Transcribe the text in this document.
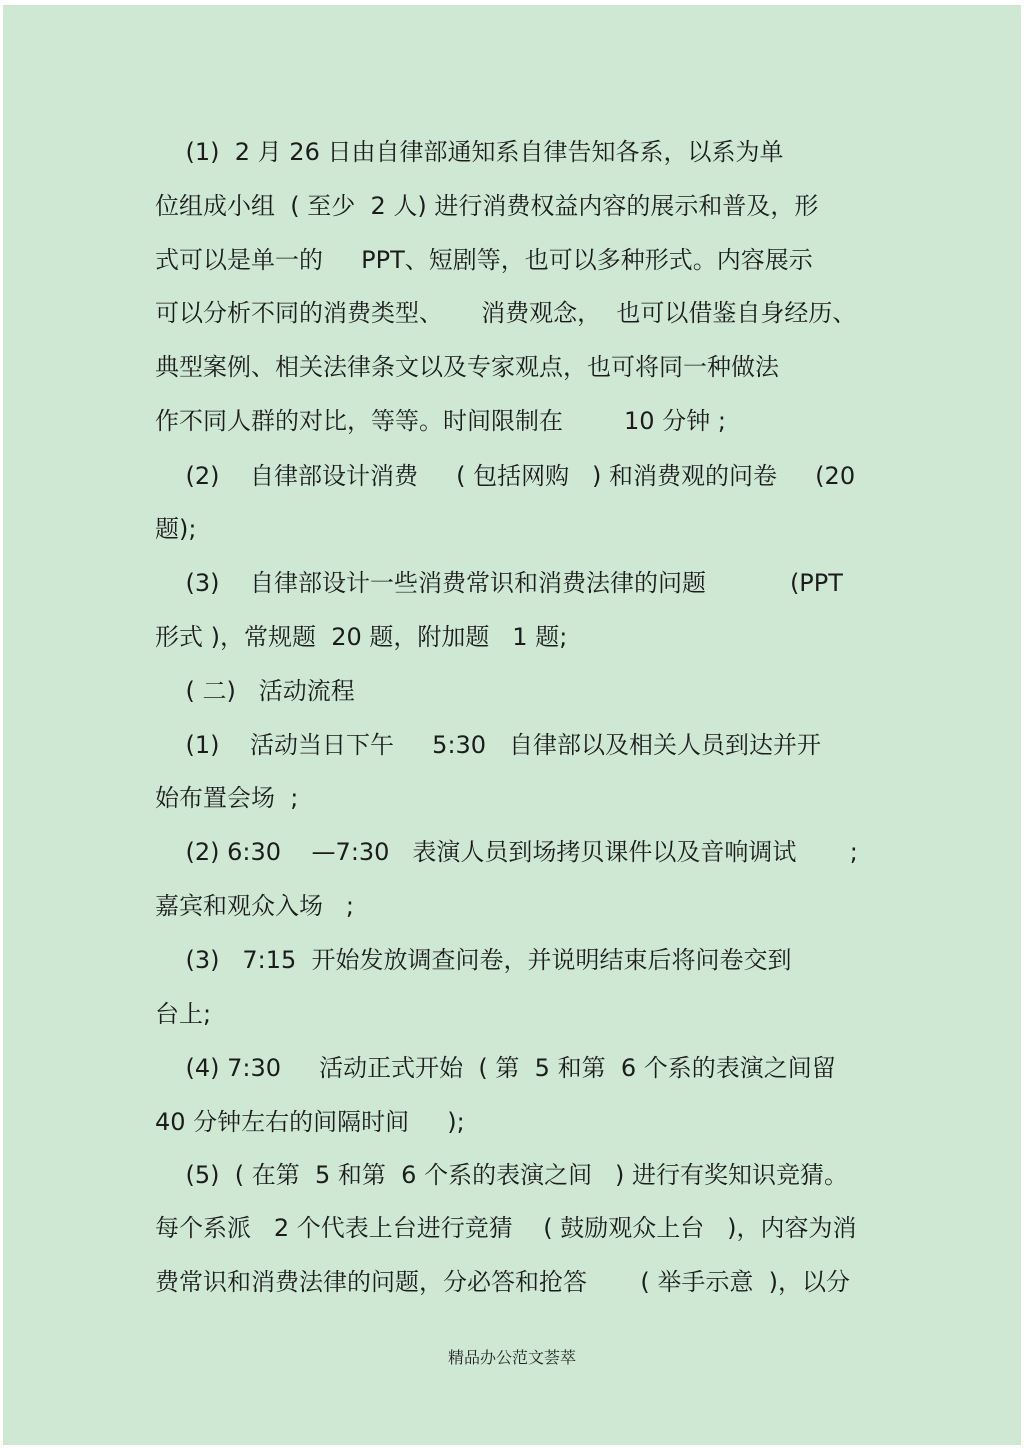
(1)  2 月 26 日由自律部通知系自律告知各系，以系为单
位组成小组  ( 至少  2 人) 进行消费权益内容的展示和普及，形
式可以是单一的     PPT、短剧等，也可以多种形式。内容展示
可以分析不同的消费类型、     消费观念，  也可以借鉴自身经历、
典型案例、相关法律条文以及专家观点，也可将同一种做法
作不同人群的对比，等等。时间限制在        10 分钟 ;
(2)    自律部设计消费     ( 包括网购   ) 和消费观的问卷     (20
题);
(3)    自律部设计一些消费常识和消费法律的问题           (PPT
形式 )，常规题  20 题，附加题   1 题;
( 二)   活动流程
(1)    活动当日下午     5:30   自律部以及相关人员到达并开
始布置会场  ;
(2) 6:30    —7:30   表演人员到场拷贝课件以及音响调试       ;
嘉宾和观众入场   ;
(3)   7:15  开始发放调查问卷，并说明结束后将问卷交到
台上;
(4) 7:30     活动正式开始  ( 第  5 和第  6 个系的表演之间留
40 分钟左右的间隔时间     );
(5)  ( 在第  5 和第  6 个系的表演之间   ) 进行有奖知识竞猜。
每个系派   2 个代表上台进行竞猜    ( 鼓励观众上台   )，内容为消
费常识和消费法律的问题，分必答和抢答       ( 举手示意  )，以分
精品办公范文荟萃
